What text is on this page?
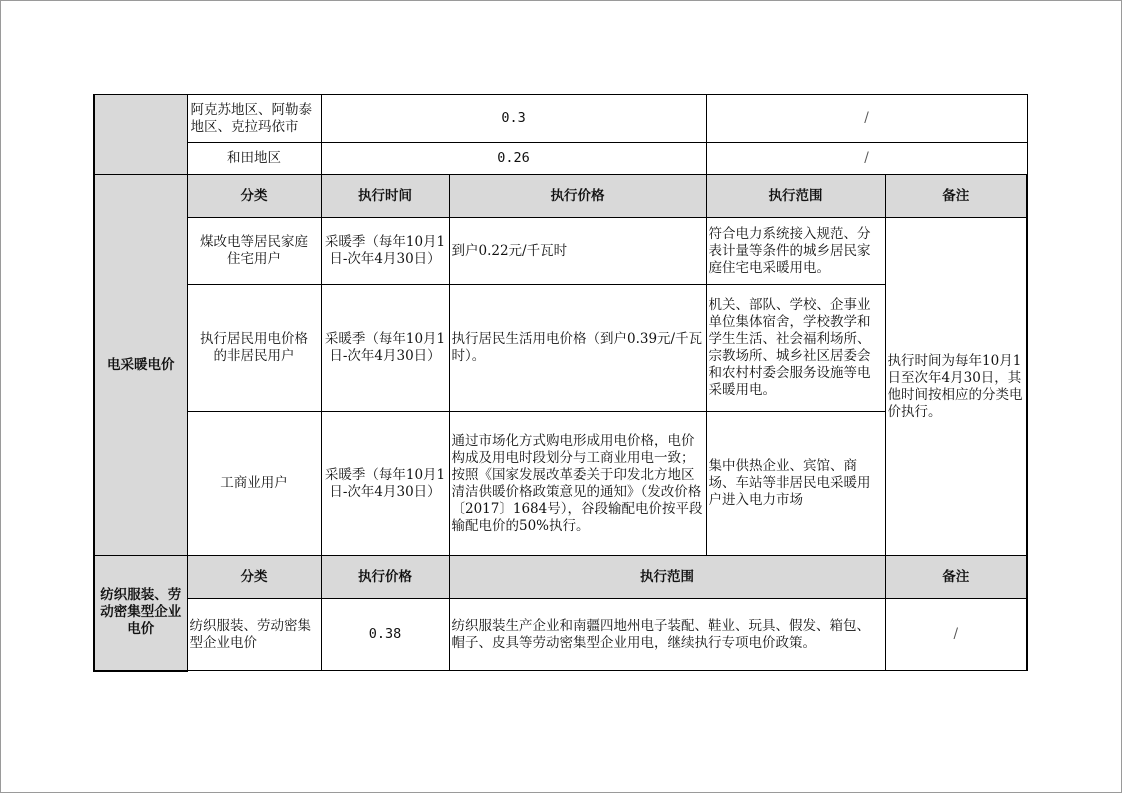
	阿克苏地区、阿勒泰地区、克拉玛依市	0.3		/	
	和田地区	0.26		/	
电采暖电价	分类	执行时间	执行价格	执行范围	备注
	煤改电等居民家庭住宅用户	采暖季（每年10月1日-次年4月30日）	到户0.22元/千瓦时	符合电力系统接入规范、分表计量等条件的城乡居民家庭住宅电采暖用电。	执行时间为每年10月1日至次年4月30日，其他时间按相应的分类电价执行。
	执行居民用电价格的非居民用户	采暖季（每年10月1日-次年4月30日）	执行居民生活用电价格（到户0.39元/千瓦时）。	机关、部队、学校、企事业单位集体宿舍，学校教学和学生生活、社会福利场所、宗教场所、城乡社区居委会和农村村委会服务设施等电采暖用电。	
	工商业用户	采暖季（每年10月1日-次年4月30日）	通过市场化方式购电形成用电价格，电价构成及用电时段划分与工商业用电一致；按照《国家发展改革委关于印发北方地区清洁供暖价格政策意见的通知》（发改价格〔2017〕1684号），谷段输配电价按平段输配电价的50%执行。	集中供热企业、宾馆、商场、车站等非居民电采暖用户进入电力市场	
纺织服装、劳动密集型企业电价	分类	执行价格	执行范围		备注
	纺织服装、劳动密集型企业电价	0.38	纺织服装生产企业和南疆四地州电子装配、鞋业、玩具、假发、箱包、帽子、皮具等劳动密集型企业用电，继续执行专项电价政策。		/
